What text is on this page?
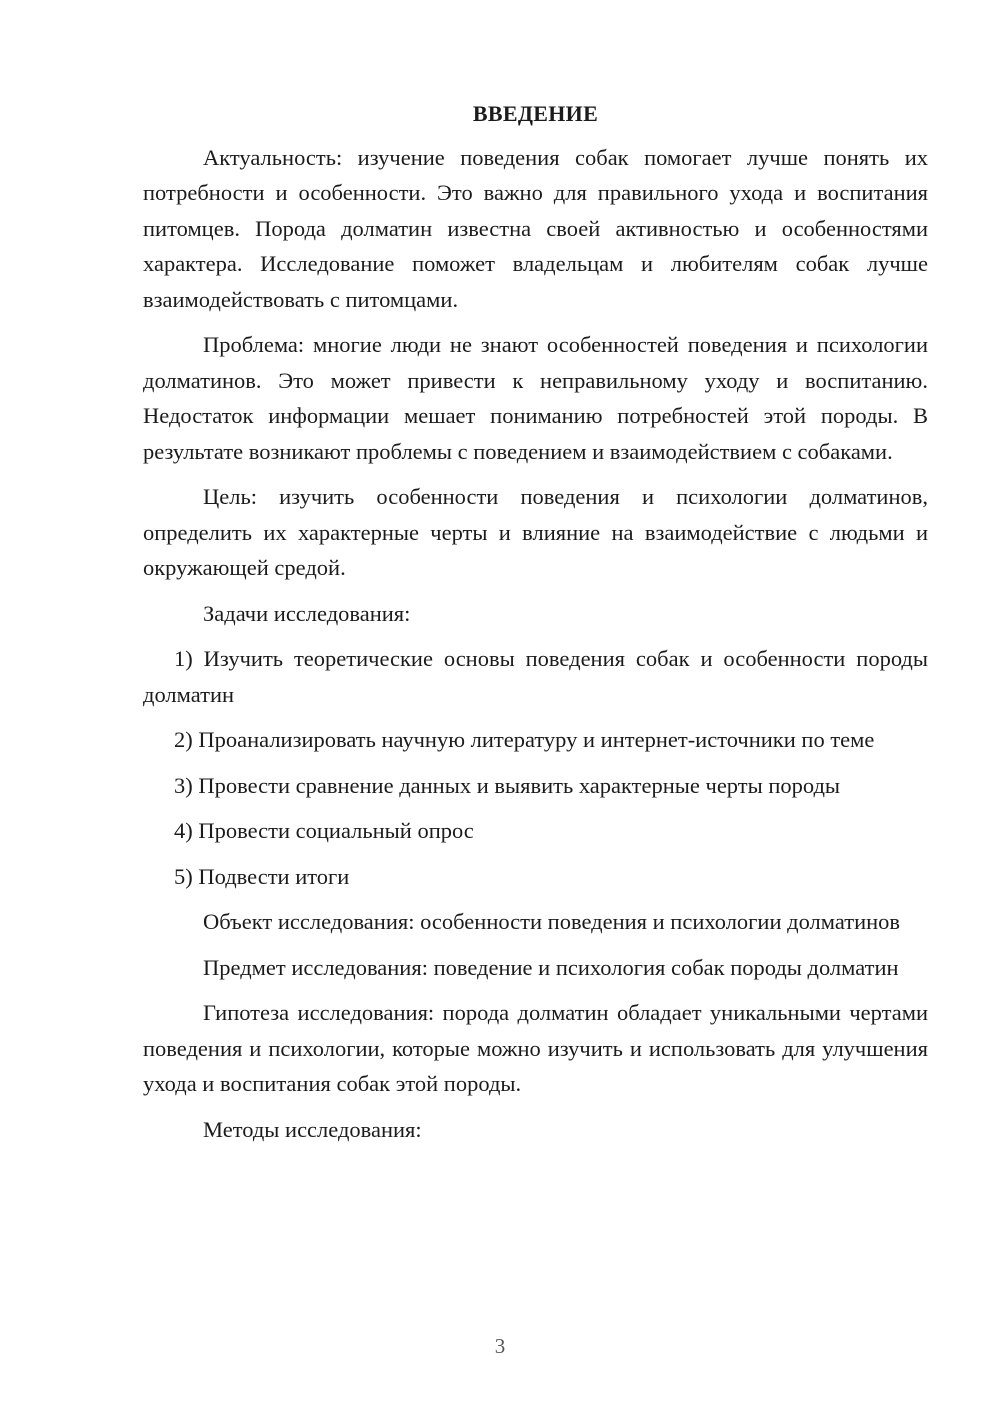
ВВЕДЕНИЕ

Актуальность: изучение поведения собак помогает лучше понять их потребности и особенности. Это важно для правильного ухода и воспитания питомцев. Порода долматин известна своей активностью и особенностями характера. Исследование поможет владельцам и любителям собак лучше взаимодействовать с питомцами.

Проблема: многие люди не знают особенностей поведения и психологии долматинов. Это может привести к неправильному уходу и воспитанию. Недостаток информации мешает пониманию потребностей этой породы. В результате возникают проблемы с поведением и взаимодействием с собаками.

Цель: изучить особенности поведения и психологии долматинов, определить их характерные черты и влияние на взаимодействие с людьми и окружающей средой.

Задачи исследования:

1) Изучить теоретические основы поведения собак и особенности породы долматин

2) Проанализировать научную литературу и интернет-источники по теме

3) Провести сравнение данных и выявить характерные черты породы

4) Провести социальный опрос

5) Подвести итоги

Объект исследования: особенности поведения и психологии долматинов

Предмет исследования: поведение и психология собак породы долматин

Гипотеза исследования: порода долматин обладает уникальными чертами поведения и психологии, которые можно изучить и использовать для улучшения ухода и воспитания собак этой породы.

Методы исследования:

3
